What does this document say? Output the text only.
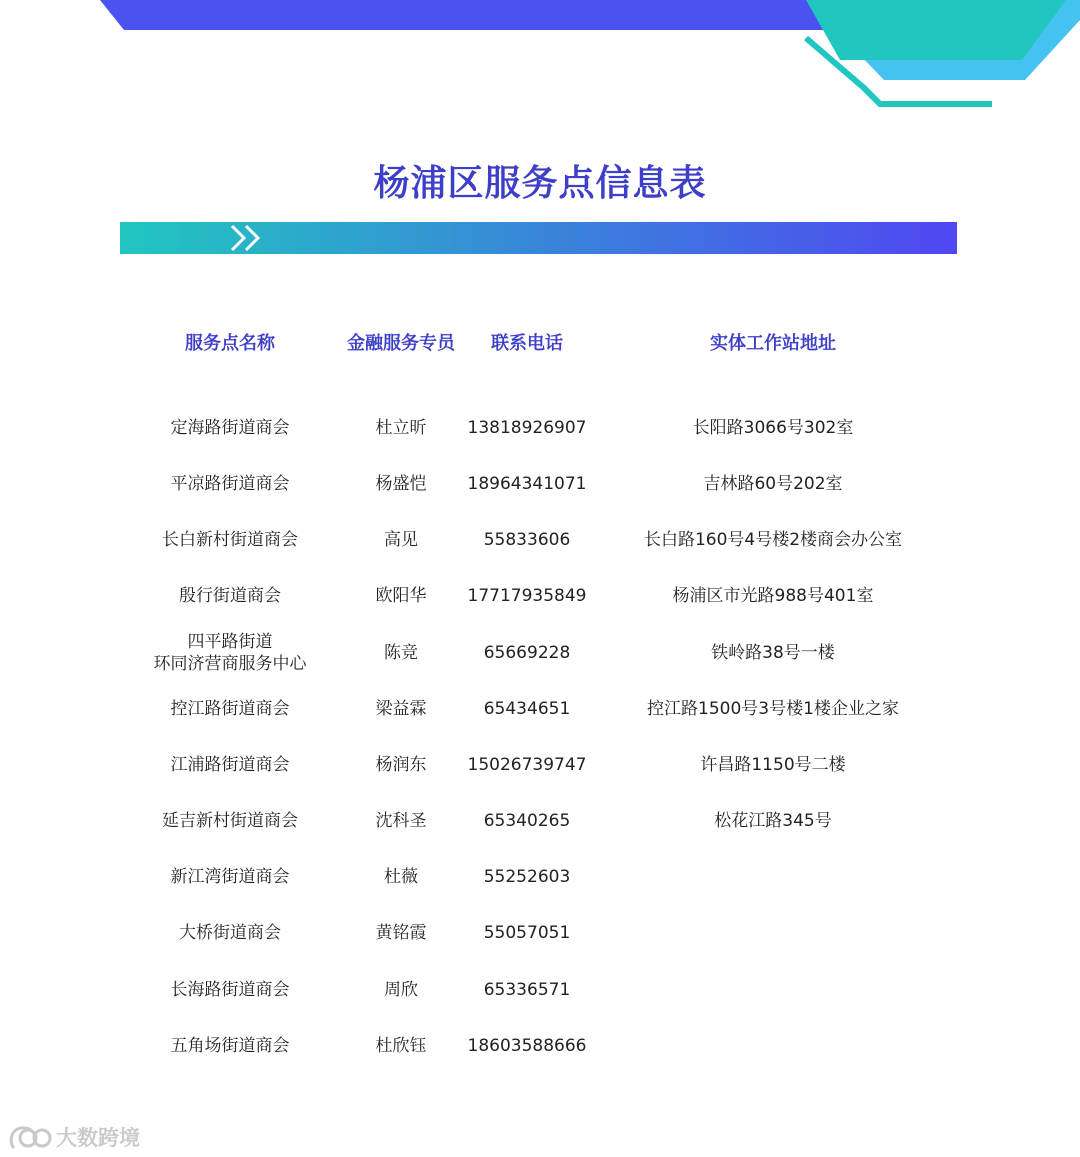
杨浦区服务点信息表
服务点名称	金融服务专员 联系电话	实体工作站地址
定海路街道商会	杜立昕 13818926907	长阳路3066号302室
平凉路街道商会	杨盛恺 18964341071	吉林路60号202室
长白新村街道商会	高见	55833606	长白路160号4号楼2楼商会办公室
殷行街道商会	欧阳华 17717935849	杨浦区市光路988号401室
四平路街道
环同济营商服务中心
陈竞	65669228	铁岭路38号一楼
控江路街道商会	梁益霖	65434651	控江路1500号3号楼1楼企业之家
江浦路街道商会	杨润东 15026739747	许昌路1150号二楼
延吉新村街道商会	沈科圣	65340265	松花江路345号
新江湾街道商会	杜薇	55252603
大桥街道商会	黄铭霞	55057051
长海路街道商会	周欣	65336571
五角场街道商会	杜欣钰 18603588666
大数跨境
